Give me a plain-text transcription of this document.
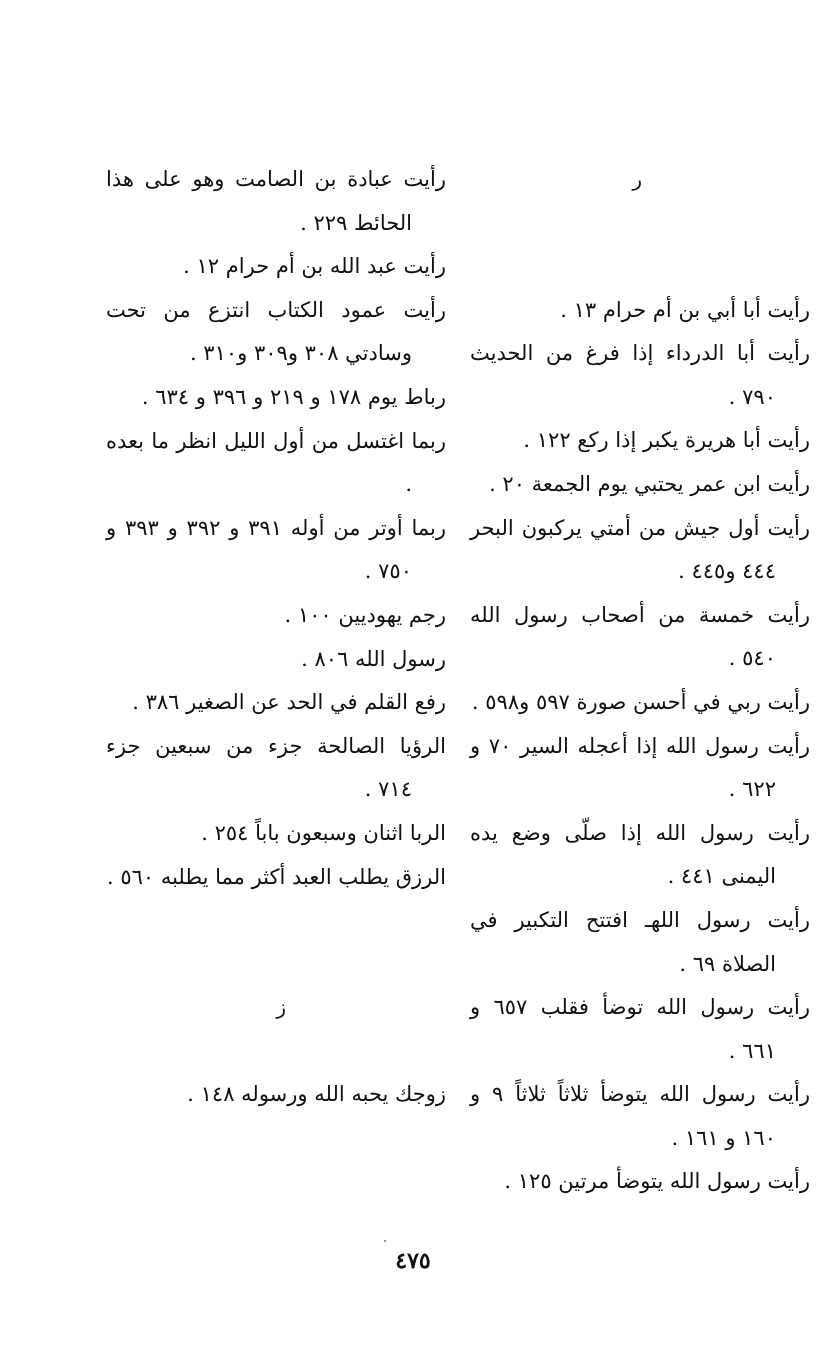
ر
رأيت أبا أبي بن أم حرام ١٣ .
رأيت أبا الدرداء إذا فرغ من الحديث ٧٩٠ .
رأيت أبا هريرة يكبر إذا ركع ١٢٢ .
رأيت ابن عمر يحتبي يوم الجمعة ٢٠ .
رأيت أول جيش من أمتي يركبون البحر ٤٤٤ و٤٤٥ .
رأيت خمسة من أصحاب رسول الله ٥٤٠ .
رأيت ربي في أحسن صورة ٥٩٧ و٥٩٨ .
رأيت رسول الله إذا أعجله السير ٧٠ و ٦٢٢ .
رأيت رسول الله إذا صلّى وضع يده اليمنى ٤٤١ .
رأيت رسول اللهـ افتتح التكبير في الصلاة ٦٩ .
رأيت رسول الله توضأ فقلب ٦٥٧ و ٦٦١ .
رأيت رسول الله يتوضأ ثلاثاً ثلاثاً ٩ و ١٦٠ و ١٦١ .
رأيت رسول الله يتوضأ مرتين ١٢٥ .
رأيت عبادة بن الصامت وهو على هذا الحائط ٢٢٩ .
رأيت عبد الله بن أم حرام ١٢ .
رأيت عمود الكتاب انتزع من تحت وسادتي ٣٠٨ و٣٠٩ و٣١٠ .
رباط يوم ١٧٨ و ٢١٩ و ٣٩٦ و ٦٣٤ .
ربما اغتسل من أول الليل انظر ما بعده .
ربما أوتر من أوله ٣٩١ و ٣٩٢ و ٣٩٣ و ٧٥٠ .
رجم يهوديين ١٠٠ .
رسول الله ٨٠٦ .
رفع القلم في الحد عن الصغير ٣٨٦ .
الرؤيا الصالحة جزء من سبعين جزء ٧١٤ .
الربا اثنان وسبعون باباً ٢٥٤ .
الرزق يطلب العبد أكثر مما يطلبه ٥٦٠ .
ز
زوجك يحبه الله ورسوله ١٤٨ .
٤٧٥
